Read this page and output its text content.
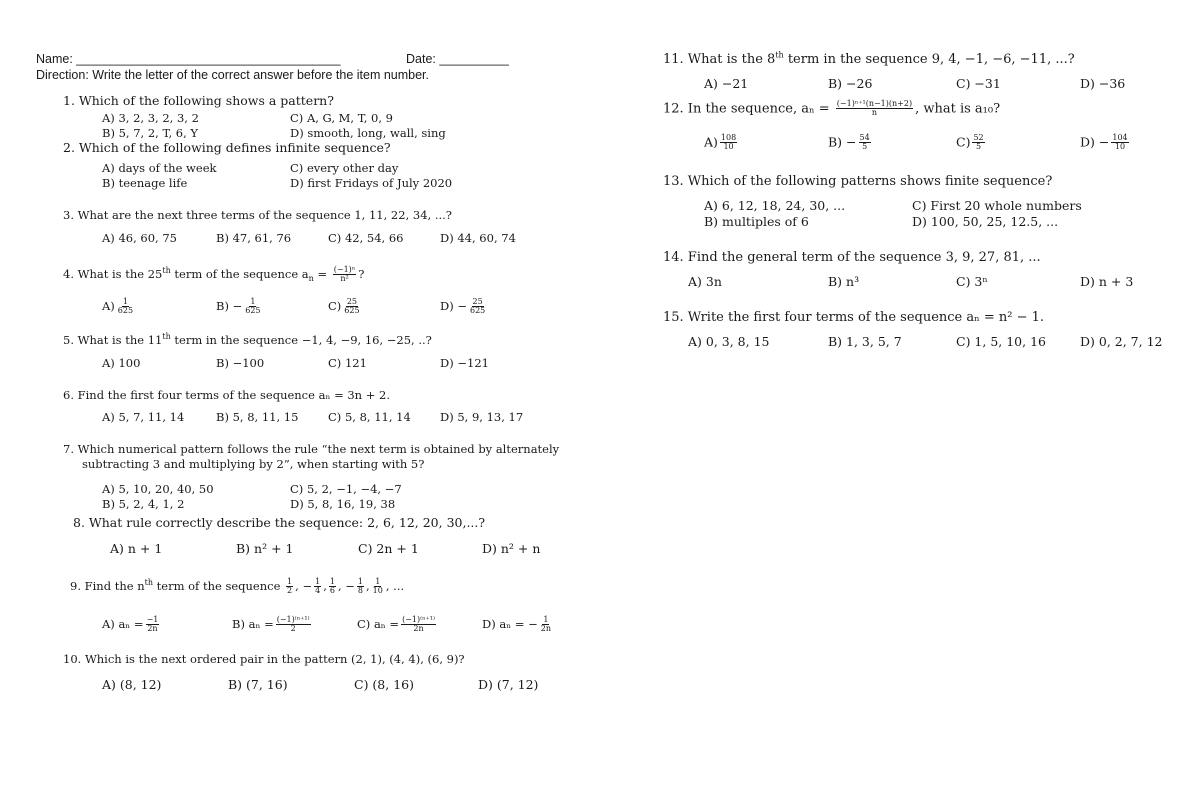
Name: ______________________________________	Date: __________
Direction: Write the letter of the correct answer before the item number.
1. Which of the following shows a pattern?
A) 3, 2, 3, 2, 3, 2
B) 5, 7, 2, T, 6, Y
C) A, G, M, T, 0, 9
D) smooth, long, wall, sing
2. Which of the following defines infinite sequence?
A) days of the week
B) teenage life
C) every other day
D) first Fridays of July 2020
3. What are the next three terms of the sequence 1, 11, 22, 34, ...?
A) 46, 60, 75	B) 47, 61, 76	C) 42, 54, 66	D) 44, 60, 74
4. What is the 25th term of the sequence $a_n = \frac{\text{(−1)ⁿ}}{\text{n²}}$ ?
$A) \frac{1}{625}$	$B) - \frac{1}{625}$	$C) \frac{25}{625}$	$D) - \frac{25}{625}$
5. What is the 11th term in the sequence −1, 4, −9, 16, −25, ..?
A) 100	B) −100	C) 121	D) −121
6. Find the first four terms of the sequence aₙ = 3n + 2.
A) 5, 7, 11, 14	B) 5, 8, 11, 15	C) 5, 8, 11, 14	D) 5, 9, 13, 17
7. Which numerical pattern follows the rule “the next term is obtained by alternately
subtracting 3 and multiplying by 2”, when starting with 5?
A) 5, 10, 20, 40, 50
B) 5, 2, 4, 1, 2
C) 5, 2, −1, −4, −7
D) 5, 8, 16, 19, 38
8. What rule correctly describe the sequence: 2, 6, 12, 20, 30,...?
A) n + 1	B) n² + 1	C) 2n + 1	D) n² + n
9. Find the $n^{th}$ term of the sequence $\frac{1}{2}$ , − $\frac{1}{4}$ , $\frac{1}{6}$ , − $\frac{1}{8}$ , $\frac{1}{10}$ , ...
A) $a_n = \frac{-1}{2n}$	B) $a_n = \frac{\text{(−1)⁽ⁿ⁺¹⁾}}{2}$	C) $a_n = \frac{\text{(−1)⁽ⁿ⁺¹⁾}}{2n}$	D) aₙ = − $\frac{1}{2n}$
10. Which is the next ordered pair in the pattern (2, 1), (4, 4), (6, 9)?
A) (8, 12)	B) (7, 16)	C) (8, 16)	D) (7, 12)
11. What is the 8th term in the sequence 9, 4, −1, −6, −11, ...?
A) −21	B) −26	C) −31	D) −36
12. In the sequence, $a_n = \frac{\text{(−1)ⁿ⁺¹(n−1)(n+2)}}{n}$ , what is a₁₀?
$A) \frac{108}{10}$	$B) - \frac{54}{5}$	$C) \frac{52}{5}$	$D) - \frac{104}{10}$
13. Which of the following patterns shows finite sequence?
A) 6, 12, 18, 24, 30, ...
B) multiples of 6
C) First 20 whole numbers
D) 100, 50, 25, 12.5, ...
14. Find the general term of the sequence 3, 9, 27, 81, ...
A) 3n	B) n³	C) 3ⁿ	D) n + 3
15. Write the first four terms of the sequence aₙ = n² − 1.
A) 0, 3, 8, 15	B) 1, 3, 5, 7	C) 1, 5, 10, 16	D) 0, 2, 7, 12
